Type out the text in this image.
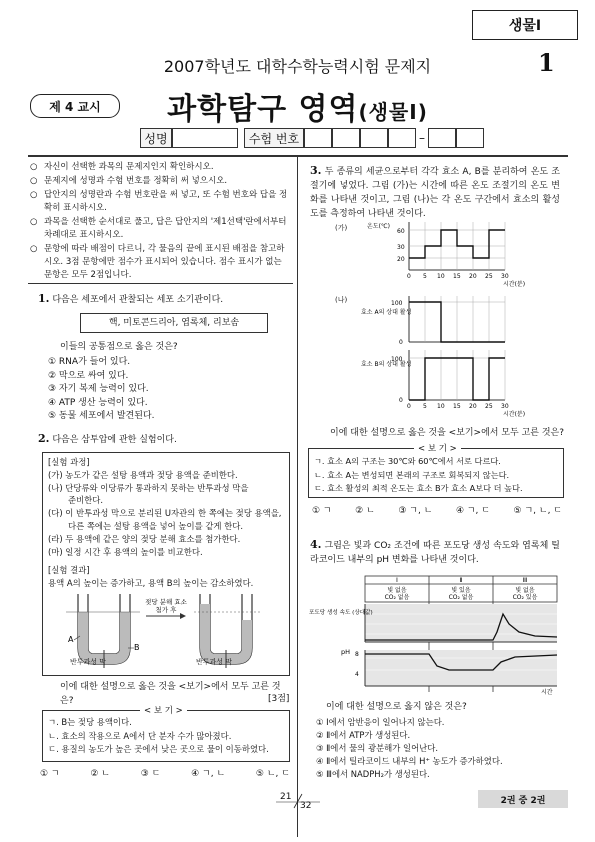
생물Ⅰ
2007학년도 대학수학능력시험 문제지	1
제 4 교시	과학탐구 영역(생물Ⅰ)
성명	수험 번호	–
○ 자신이 선택한 과목의 문제지인지 확인하시오.
○ 문제지에 성명과 수험 번호를 정확히 써 넣으시오.
○ 답안지의 성명란과 수험 번호란을 써 넣고, 또 수험 번호와 답을 정확히 표시하시오.
○ 과목을 선택한 순서대로 풀고, 답은 답안지의 '제1선택'란에서부터 차례대로 표시하시오.
○ 문항에 따라 배점이 다르니, 각 물음의 끝에 표시된 배점을 참고하시오. 3점 문항에만 점수가 표시되어 있습니다. 점수 표시가 없는 문항은 모두 2점입니다.
1. 다음은 세포에서 관찰되는 세포 소기관이다.
핵, 미토콘드리아, 엽록체, 리보솜
이들의 공통점으로 옳은 것은?
① RNA가 들어 있다.
② 막으로 싸여 있다.
③ 자기 복제 능력이 있다.
④ ATP 생산 능력이 있다.
⑤ 동물 세포에서 발견된다.
2. 다음은 삼투압에 관한 실험이다.
[실험 과정]
(가) 농도가 같은 설탕 용액과 젖당 용액을 준비한다.
(나) 단당류와 이당류가 통과하지 못하는 반투과성 막을
준비한다.
(다) 이 반투과성 막으로 분리된 U자관의 한 쪽에는 젖당 용액을,
다른 쪽에는 설탕 용액을 넣어 높이를 같게 한다.
(라) 두 용액에 같은 양의 젖당 분해 효소를 첨가한다.
(마) 일정 시간 후 용액의 높이를 비교한다.
[실험 결과]
용액 A의 높이는 증가하고, 용액 B의 높이는 감소하였다.
A
B
젖당 분해 효소
첨가 후
반투과성 막	반투과성 막
이에 대한 설명으로 옳은 것을 <보기>에서 모두 고른 것은?	[3점]
< 보 기 >
ㄱ. B는 젖당 용액이다.
ㄴ. 효소의 작용으로 A에서 단 분자 수가 많아졌다.
ㄷ. 용질의 농도가 높은 곳에서 낮은 곳으로 물이 이동하였다.
① ㄱ	② ㄴ	③ ㄷ	④ ㄱ, ㄴ	⑤ ㄴ, ㄷ
3. 두 종류의 세균으로부터 각각 효소 A, B를 분리하여 온도 조절기에 넣었다. 그림 (가)는 시간에 따른 온도 조절기의 온도 변화를 나타낸 것이고, 그림 (나)는 각 온도 구간에서 효소의 활성도를 측정하여 나타낸 것이다.
(가)
(나)
온도(℃)
60
30
20
0 5 10 15 20 25 30
시간(분)
효소 A의 상대 활성
100
0
효소 B의 상대 활성
100
0
0 5 10 15 20 25 30
시간(분)
이에 대한 설명으로 옳은 것을 <보기>에서 모두 고른 것은?
< 보 기 >
ㄱ. 효소 A의 구조는 30℃와 60℃에서 서로 다르다.
ㄴ. 효소 A는 변성되면 본래의 구조로 회복되지 않는다.
ㄷ. 효소 활성의 최적 온도는 효소 B가 효소 A보다 더 높다.
① ㄱ	② ㄴ	③ ㄱ, ㄴ	④ ㄱ, ㄷ	⑤ ㄱ, ㄴ, ㄷ
4. 그림은 빛과 CO₂ 조건에 따른 포도당 생성 속도와 엽록체 틸라코이드 내부의 pH 변화를 나타낸 것이다.
Ⅰ	Ⅱ	Ⅲ
빛 없음
CO₂ 없음
빛 있음
CO₂ 없음
빛 없음
CO₂ 있음
포도당 생성 속도 (상대값)
pH 8
4
시간
이에 대한 설명으로 옳지 않은 것은?
① Ⅰ에서 암반응이 일어나지 않는다.
② Ⅱ에서 ATP가 생성된다.
③ Ⅱ에서 물의 광분해가 일어난다.
④ Ⅱ에서 틸라코이드 내부의 H⁺ 농도가 증가하였다.
⑤ Ⅲ에서 NADPH₂가 생성된다.
21
32
2권 중 2권
